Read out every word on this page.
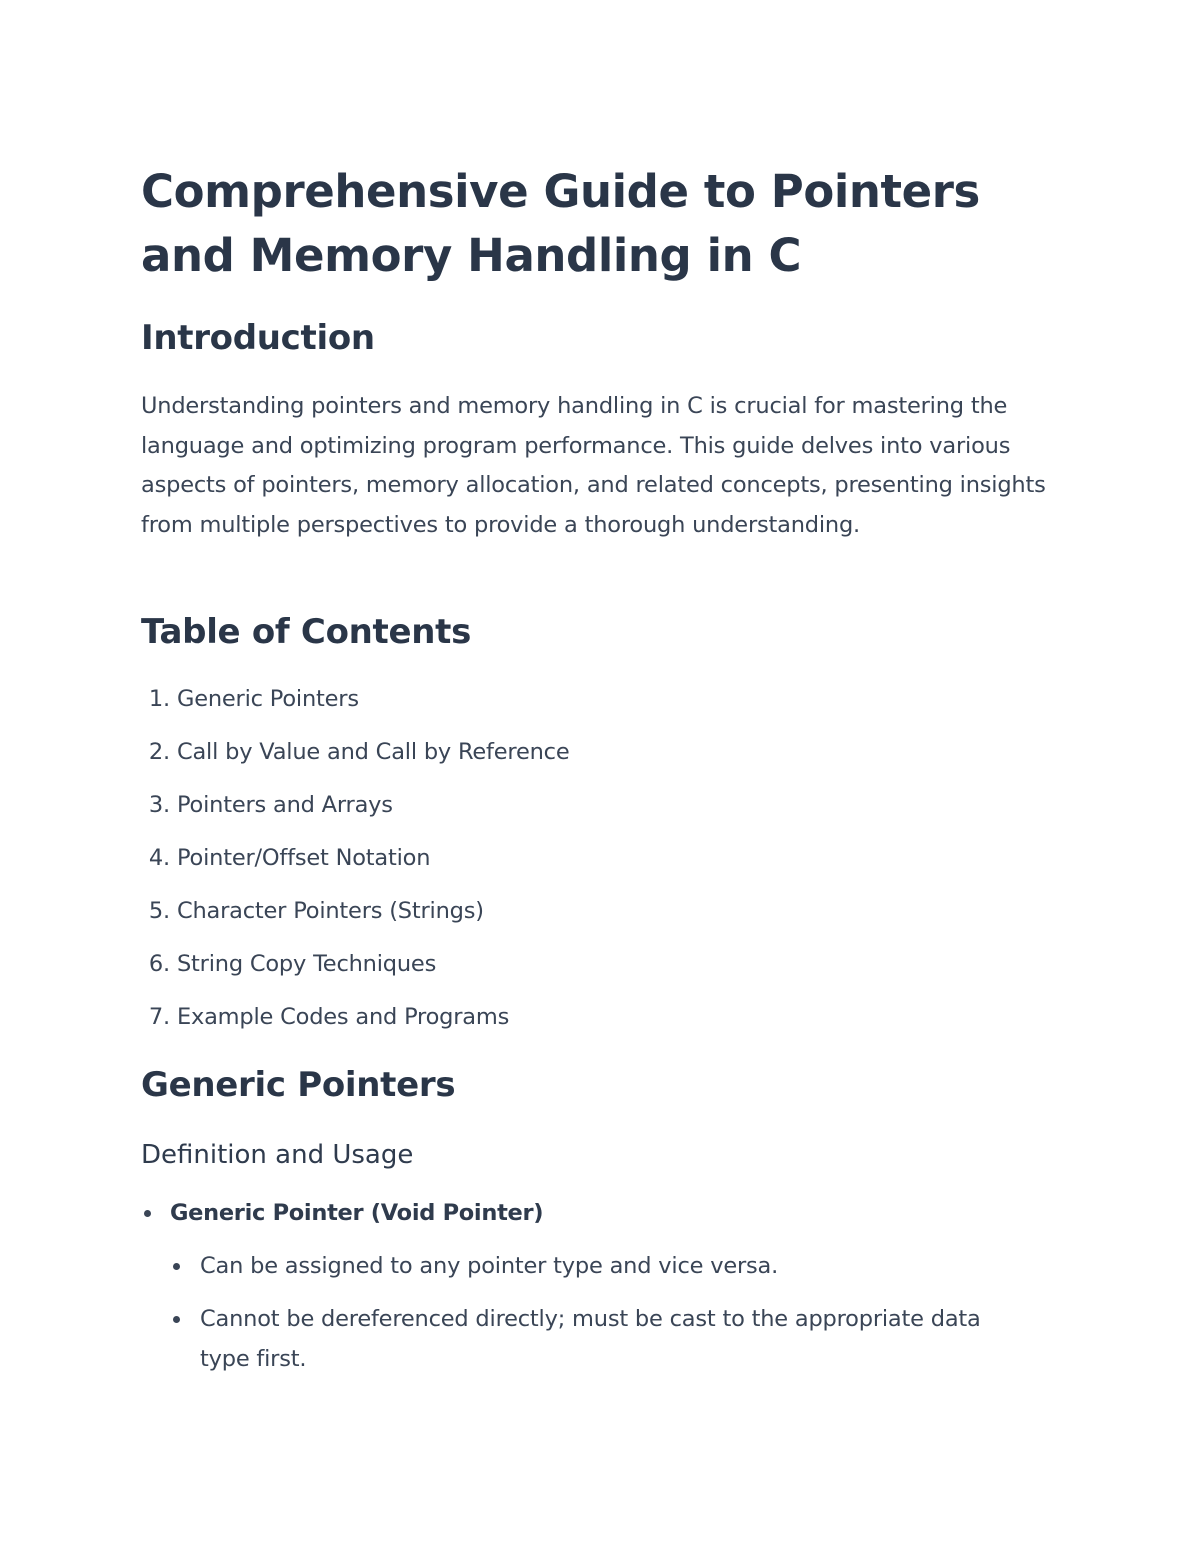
Comprehensive Guide to Pointers and Memory Handling in C
Introduction

Understanding pointers and memory handling in C is crucial for mastering the language and optimizing program performance. This guide delves into various aspects of pointers, memory allocation, and related concepts, presenting insights from multiple perspectives to provide a thorough understanding.

Table of Contents
1. Generic Pointers
2. Call by Value and Call by Reference
3. Pointers and Arrays
4. Pointer/Offset Notation
5. Character Pointers (Strings)
6. String Copy Techniques
7. Example Codes and Programs
Generic Pointers
Definition and Usage
Generic Pointer (Void Pointer)
Can be assigned to any pointer type and vice versa.
Cannot be dereferenced directly; must be cast to the appropriate data type first.
